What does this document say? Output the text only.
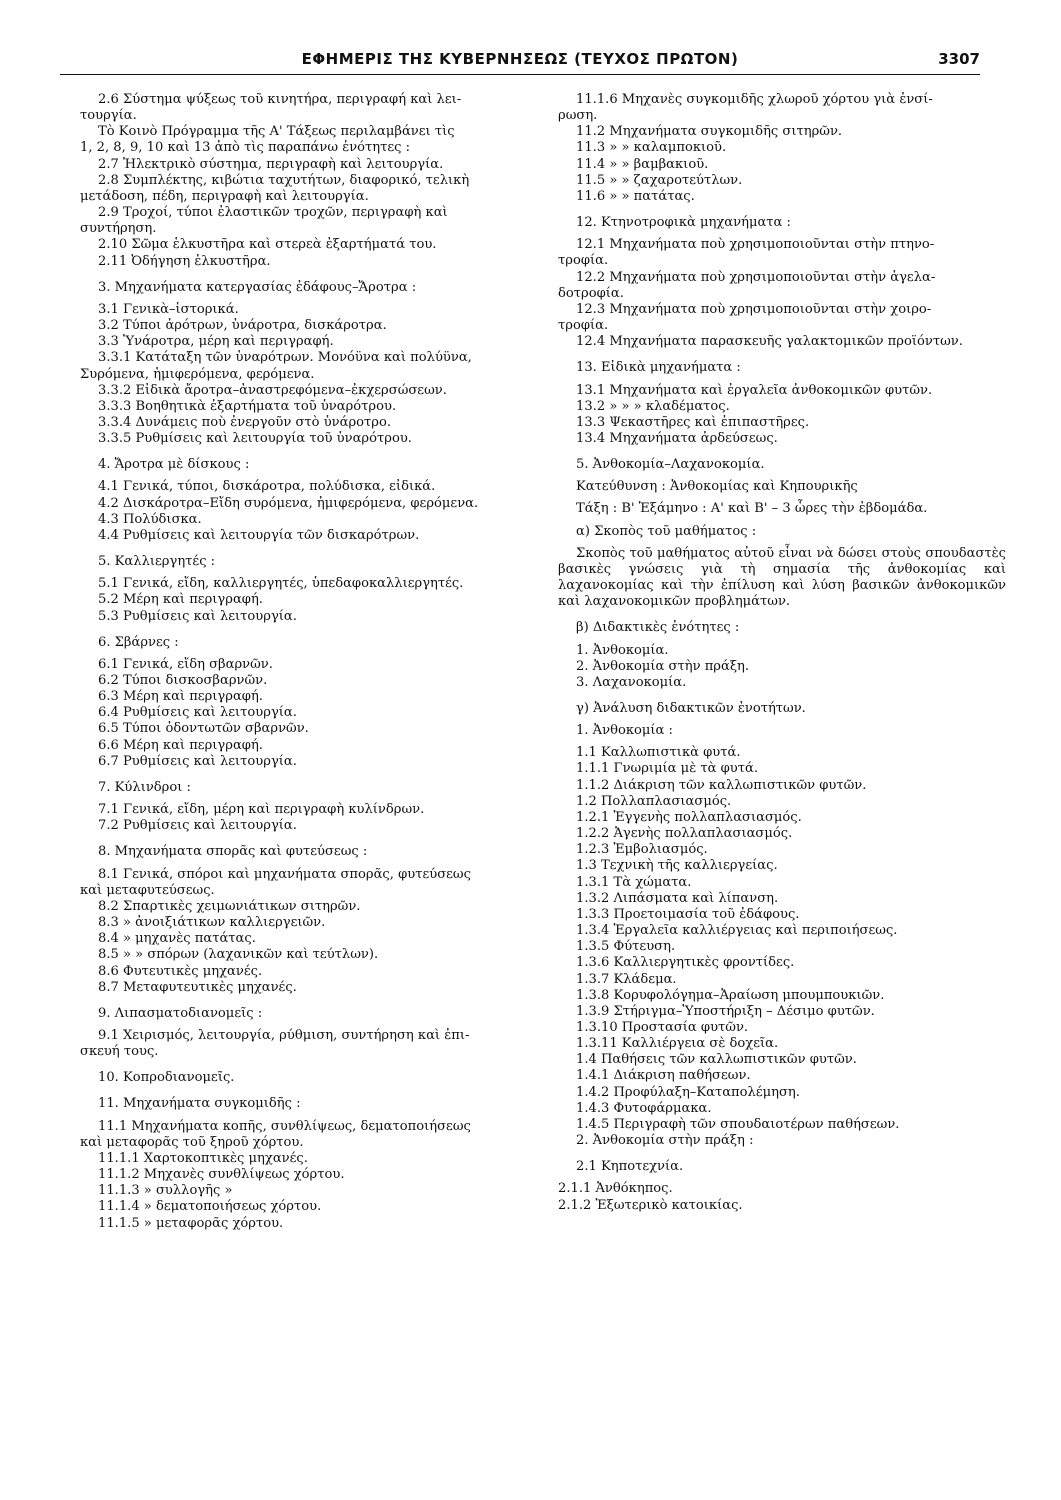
ΕΦΗΜΕΡΙΣ ΤΗΣ ΚΥΒΕΡΝΗΣΕΩΣ (ΤΕΥΧΟΣ ΠΡΩΤΟΝ)	3307
2.6 Σύστημα ψύξεως τοῦ κινητήρα, περιγραφή καὶ λει-
τουργία.
Τὸ Κοινὸ Πρόγραμμα τῆς Α' Τάξεως περιλαμβάνει τὶς
1, 2, 8, 9, 10 καὶ 13 ἀπὸ τὶς παραπάνω ἑνότητες :
2.7 Ἠλεκτρικὸ σύστημα, περιγραφὴ καὶ λειτουργία.
2.8 Συμπλέκτης, κιβώτια ταχυτήτων, διαφορικό, τελικὴ
μετάδοση, πέδη, περιγραφὴ καὶ λειτουργία.
2.9 Τροχοί, τύποι ἐλαστικῶν τροχῶν, περιγραφὴ καὶ
συντήρηση.
2.10 Σῶμα ἑλκυστῆρα καὶ στερεὰ ἐξαρτήματά του.
2.11 Ὀδήγηση ἑλκυστῆρα.
3. Μηχανήματα κατεργασίας ἐδάφους–Ἄροτρα :
3.1 Γενικὰ–ἱστορικά.
3.2 Τύποι ἀρότρων, ὑνάροτρα, δισκάροτρα.
3.3 Ὑνάροτρα, μέρη καὶ περιγραφή.
3.3.1 Κατάταξη τῶν ὑναρότρων. Μονόϋνα καὶ πολύϋνα,
Συρόμενα, ἡμιφερόμενα, φερόμενα.
3.3.2 Εἰδικὰ ἄροτρα–ἀναστρεφόμενα–ἐκχερσώσεων.
3.3.3 Βοηθητικὰ ἐξαρτήματα τοῦ ὑναρότρου.
3.3.4 Δυνάμεις ποὺ ἐνεργοῦν στὸ ὑνάροτρο.
3.3.5 Ρυθμίσεις καὶ λειτουργία τοῦ ὑναρότρου.
4. Ἄροτρα μὲ δίσκους :
4.1 Γενικά, τύποι, δισκάροτρα, πολύδισκα, εἰδικά.
4.2 Δισκάροτρα–Εἴδη συρόμενα, ἡμιφερόμενα, φερόμενα.
4.3 Πολύδισκα.
4.4 Ρυθμίσεις καὶ λειτουργία τῶν δισκαρότρων.
5. Καλλιεργητές :
5.1 Γενικά, εἴδη, καλλιεργητές, ὑπεδαφοκαλλιεργητές.
5.2 Μέρη καὶ περιγραφή.
5.3 Ρυθμίσεις καὶ λειτουργία.
6. Σβάρνες :
6.1 Γενικά, εἴδη σβαρνῶν.
6.2 Τύποι δισκοσβαρνῶν.
6.3 Μέρη καὶ περιγραφή.
6.4 Ρυθμίσεις καὶ λειτουργία.
6.5 Τύποι ὀδοντωτῶν σβαρνῶν.
6.6 Μέρη καὶ περιγραφή.
6.7 Ρυθμίσεις καὶ λειτουργία.
7. Κύλινδροι :
7.1 Γενικά, εἴδη, μέρη καὶ περιγραφὴ κυλίνδρων.
7.2 Ρυθμίσεις καὶ λειτουργία.
8. Μηχανήματα σπορᾶς καὶ φυτεύσεως :
8.1 Γενικά, σπόροι καὶ μηχανήματα σπορᾶς, φυτεύσεως
καὶ μεταφυτεύσεως.
8.2 Σπαρτικὲς χειμωνιάτικων σιτηρῶν.
8.3 » ἀνοιξιάτικων καλλιεργειῶν.
8.4 » μηχανὲς πατάτας.
8.5 » » σπόρων (λαχανικῶν καὶ τεύτλων).
8.6 Φυτευτικὲς μηχανές.
8.7 Μεταφυτευτικὲς μηχανές.
9. Λιπασματοδιανομεῖς :
9.1 Χειρισμός, λειτουργία, ρύθμιση, συντήρηση καὶ ἐπι-
σκευή τους.
10. Κοπροδιανομεῖς.
11. Μηχανήματα συγκομιδῆς :
11.1 Μηχανήματα κοπῆς, συνθλίψεως, δεματοποιήσεως
καὶ μεταφορᾶς τοῦ ξηροῦ χόρτου.
11.1.1 Χαρτοκοπτικὲς μηχανές.
11.1.2 Μηχανὲς συνθλίψεως χόρτου.
11.1.3 » συλλογῆς »
11.1.4 » δεματοποιήσεως χόρτου.
11.1.5 » μεταφορᾶς χόρτου.
11.1.6 Μηχανὲς συγκομιδῆς χλωροῦ χόρτου γιὰ ἐνσί-
ρωση.
11.2 Μηχανήματα συγκομιδῆς σιτηρῶν.
11.3 » » καλαμποκιοῦ.
11.4 » » βαμβακιοῦ.
11.5 » » ζαχαροτεύτλων.
11.6 » » πατάτας.
12. Κτηνοτροφικὰ μηχανήματα :
12.1 Μηχανήματα ποὺ χρησιμοποιοῦνται στὴν πτηνο-
τροφία.
12.2 Μηχανήματα ποὺ χρησιμοποιοῦνται στὴν ἀγελα-
δοτροφία.
12.3 Μηχανήματα ποὺ χρησιμοποιοῦνται στὴν χοιρο-
τροφία.
12.4 Μηχανήματα παρασκευῆς γαλακτομικῶν προϊόντων.
13. Εἰδικὰ μηχανήματα :
13.1 Μηχανήματα καὶ ἐργαλεῖα ἀνθοκομικῶν φυτῶν.
13.2 » » » κλαδέματος.
13.3 Ψεκαστῆρες καὶ ἐπιπαστῆρες.
13.4 Μηχανήματα ἀρδεύσεως.
5. Ἀνθοκομία–Λαχανοκομία.
Κατεύθυνση : Ἀνθοκομίας καὶ Κηπουρικῆς
Τάξη : Β' Ἑξάμηνο : Α' καὶ Β' – 3 ὧρες τὴν ἑβδομάδα.
α) Σκοπὸς τοῦ μαθήματος :
Σκοπὸς τοῦ μαθήματος αὐτοῦ εἶναι νὰ δώσει στοὺς σπουδαστὲς βασικὲς γνώσεις γιὰ τὴ σημασία τῆς ἀνθοκομίας καὶ λαχανοκομίας καὶ τὴν ἐπίλυση καὶ λύση βασικῶν ἀνθοκομικῶν καὶ λαχανοκομικῶν προβλημάτων.
β) Διδακτικὲς ἑνότητες :
1. Ἀνθοκομία.
2. Ἀνθοκομία στὴν πράξη.
3. Λαχανοκομία.
γ) Ἀνάλυση διδακτικῶν ἑνοτήτων.
1. Ἀνθοκομία :
1.1 Καλλωπιστικὰ φυτά.
1.1.1 Γνωριμία μὲ τὰ φυτά.
1.1.2 Διάκριση τῶν καλλωπιστικῶν φυτῶν.
1.2 Πολλαπλασιασμός.
1.2.1 Ἐγγενὴς πολλαπλασιασμός.
1.2.2 Ἀγενὴς πολλαπλασιασμός.
1.2.3 Ἐμβολιασμός.
1.3 Τεχνικὴ τῆς καλλιεργείας.
1.3.1 Τὰ χώματα.
1.3.2 Λιπάσματα καὶ λίπανση.
1.3.3 Προετοιμασία τοῦ ἐδάφους.
1.3.4 Ἐργαλεῖα καλλιέργειας καὶ περιποιήσεως.
1.3.5 Φύτευση.
1.3.6 Καλλιεργητικὲς φροντίδες.
1.3.7 Κλάδεμα.
1.3.8 Κορυφολόγημα–Ἀραίωση μπουμπουκιῶν.
1.3.9 Στήριγμα–Ὑποστήριξη – Δέσιμο φυτῶν.
1.3.10 Προστασία φυτῶν.
1.3.11 Καλλιέργεια σὲ δοχεῖα.
1.4 Παθήσεις τῶν καλλωπιστικῶν φυτῶν.
1.4.1 Διάκριση παθήσεων.
1.4.2 Προφύλαξη–Καταπολέμηση.
1.4.3 Φυτοφάρμακα.
1.4.5 Περιγραφὴ τῶν σπουδαιοτέρων παθήσεων.
2. Ἀνθοκομία στὴν πράξη :
2.1 Κηποτεχνία.
2.1.1 Ἀνθόκηπος.
2.1.2 Ἐξωτερικὸ κατοικίας.
